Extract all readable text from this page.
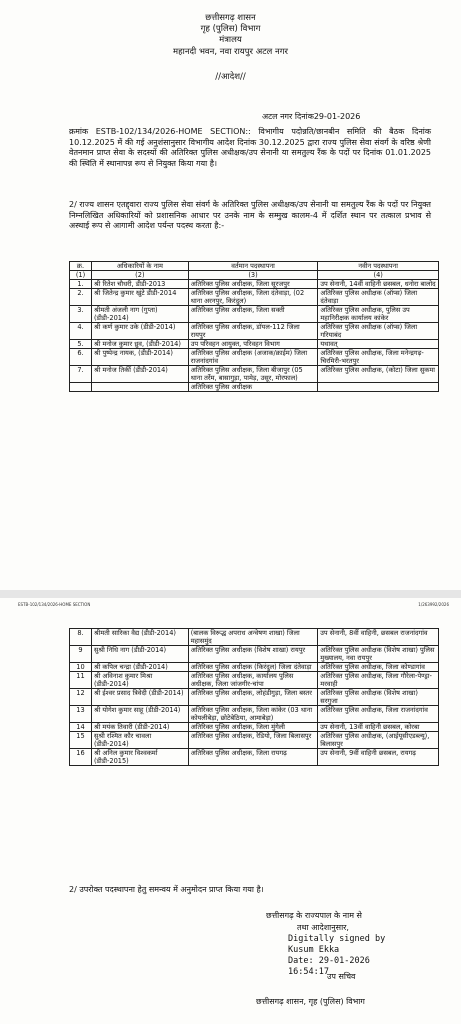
छत्तीसगढ़ शासन
गृह (पुलिस) विभाग
मंत्रालय
महानदी भवन, नवा रायपुर अटल नगर
//आदेश//
अटल नगर दिनांक29-01-2026
क्रमांक ESTB-102/134/2026-HOME SECTION:: विभागीय पदोन्नति/छानबीन समिति की बैठक दिनांक 10.12.2025 में की गई अनुशंसानुसार विभागीय आदेश दिनांक 30.12.2025 द्वारा राज्य पुलिस सेवा संवर्ग के वरिष्ठ श्रेणी वेतनमान प्राप्त सेवा के सदस्यों की अतिरिक्त पुलिस अधीक्षक/उप सेनानी या समतुल्य रैंक के पदों पर दिनांक 01.01.2025 की स्थिति में स्थानापन्न रूप से नियुक्त किया गया है।
2/ राज्य शासन एतद्द्वारा राज्य पुलिस सेवा संवर्ग के अतिरिक्त पुलिस अधीक्षक/उप सेनानी या समतुल्य रैंक के पदों पर नियुक्त निम्नलिखित अधिकारियों को प्रशासनिक आधार पर उनके नाम के सम्मुख कालम-4 में दर्शित स्थान पर तत्काल प्रभाव से अस्थाई रूप से आगामी आदेश पर्यन्त पदस्थ करता है:-
क्र.	अधिकारियों के नाम	वर्तमान पदस्थापना	नवीन पदस्थापना
(1)	(2)	(3)	(4)
1.	श्री रितेश चौधरी, डीडी-2013	अतिरिक्त पुलिस अधीक्षक, जिला सूरजपुर	उप सेनानी, 14वीं वाहिनी छसबल, धनोरा बालोद
2.	श्री जितेन्द्र कुमार खुंटे डीडी-2014	अतिरिक्त पुलिस अधीक्षक, जिला दंतेवाड़ा, (02 थाना अरनपुर, किरंदुल)	अतिरिक्त पुलिस अधीक्षक (ऑप्स) जिला दंतेवाड़ा
3.	श्रीमती अंजली नाग (गुप्ता) (डीडी-2014)	अतिरिक्त पुलिस अधीक्षक, जिला सक्ती	अतिरिक्त पुलिस अधीक्षक, पुलिस उप महानिरीक्षक कार्यालय कांकेर
4.	श्री कर्ण कुमार उके (डीडी-2014)	अतिरिक्त पुलिस अधीक्षक, डॉयल-112 जिला रायपुर	अतिरिक्त पुलिस अधीक्षक (ऑप्स) जिला गरियाबंद
5.	श्री मनोज कुमार ध्रुव, (डीडी-2014)	उप परिवहन आयुक्त, परिवहन विभाग	यथावत्
6.	श्री पुष्पेन्द्र नायक, (डीडी-2014)	अतिरिक्त पुलिस अधीक्षक (अजाक/क्राईम) जिला राजनांदगांव	अतिरिक्त पुलिस अधीक्षक, जिला मनेन्द्रगढ़-चिरमिरी-भरतपुर
7.	श्री मनोज तिर्की (डीडी-2014)	अतिरिक्त पुलिस अधीक्षक, जिला बीजापुर (05 थाना तर्रेम, बासागुड़ा, पामेड़, उसूर, मोरफाल)	अतिरिक्त पुलिस अधीक्षक, (कोटा) जिला सुकमा
		अतिरिक्त पुलिस अधीक्षक	
ESTB-102/134/2026-HOME SECTION	1/263992/2026
8.	श्रीमती सारिका वैद्य (डीडी-2014)	(बालक विरूद्ध अपराध अन्वेषण शाखा) जिला महासमुंद	उप सेनानी, 8वीं वाहिनी, छसबल राजनांदगांव
9	सुश्री निधि नाग (डीडी-2014)	अतिरिक्त पुलिस अधीक्षक (विशेष शाखा) रायपुर	अतिरिक्त पुलिस अधीक्षक (विशेष शाखा) पुलिस मुख्यालय, नवा रायपुर
10	श्री कपिल चन्द्रा (डीडी-2014)	अतिरिक्त पुलिस अधीक्षक (किरंदुल) जिला दंतेवाड़ा	अतिरिक्त पुलिस अधीक्षक, जिला कोण्डागांव
11	श्री अविनाश कुमार मिश्रा (डीडी-2014)	अतिरिक्त पुलिस अधीक्षक, कार्यालय पुलिस अधीक्षक, जिला जांजगीर-चांपा	अतिरिक्त पुलिस अधीक्षक, जिला गौरेला-पेण्ड्रा-मरवाही
12	श्री ईश्वर प्रसाद त्रिवेदी (डीडी-2014)	अतिरिक्त पुलिस अधीक्षक, लोहंडीगुड़ा, जिला बस्तर	अतिरिक्त पुलिस अधीक्षक (विशेष शाखा) सरगुजा
13	श्री योगेश कुमार साहू (डीडी-2014)	अतिरिक्त पुलिस अधीक्षक, जिला कांकेर (03 थाना कोयलीबेड़ा, छोटेबेठिया, आमाबेड़ा)	अतिरिक्त पुलिस अधीक्षक, जिला राजनांदगांव
14	श्री मयंक तिवारी (डीडी-2014)	अतिरिक्त पुलिस अधीक्षक, जिला मुंगेली	उप सेनानी, 13वीं वाहिनी छसबल, कोरबा
15	सुश्री रश्मित कौर चावला (डीडी-2014)	अतिरिक्त पुलिस अधीक्षक, रेडियो, जिला बिलासपुर	अतिरिक्त पुलिस अधीक्षक, (आईयूसीएडब्ल्यू), बिलासपुर
16	श्री अनिल कुमार विश्वकर्मा (डीडी-2015)	अतिरिक्त पुलिस अधीक्षक, जिला रायगढ़	उप सेनानी, 9वीं वाहिनी छसबल, रायगढ़
2/ उपरोक्त पदस्थापना हेतु समन्वय में अनुमोदन प्राप्त किया गया है।
छत्तीसगढ़ के राज्यपाल के नाम से
तथा आदेशानुसार,
Digitally signed by
Kusum Ekka
Date: 29-01-2026
16:54:17
उप सचिव
छत्तीसगढ़ शासन, गृह (पुलिस) विभाग
